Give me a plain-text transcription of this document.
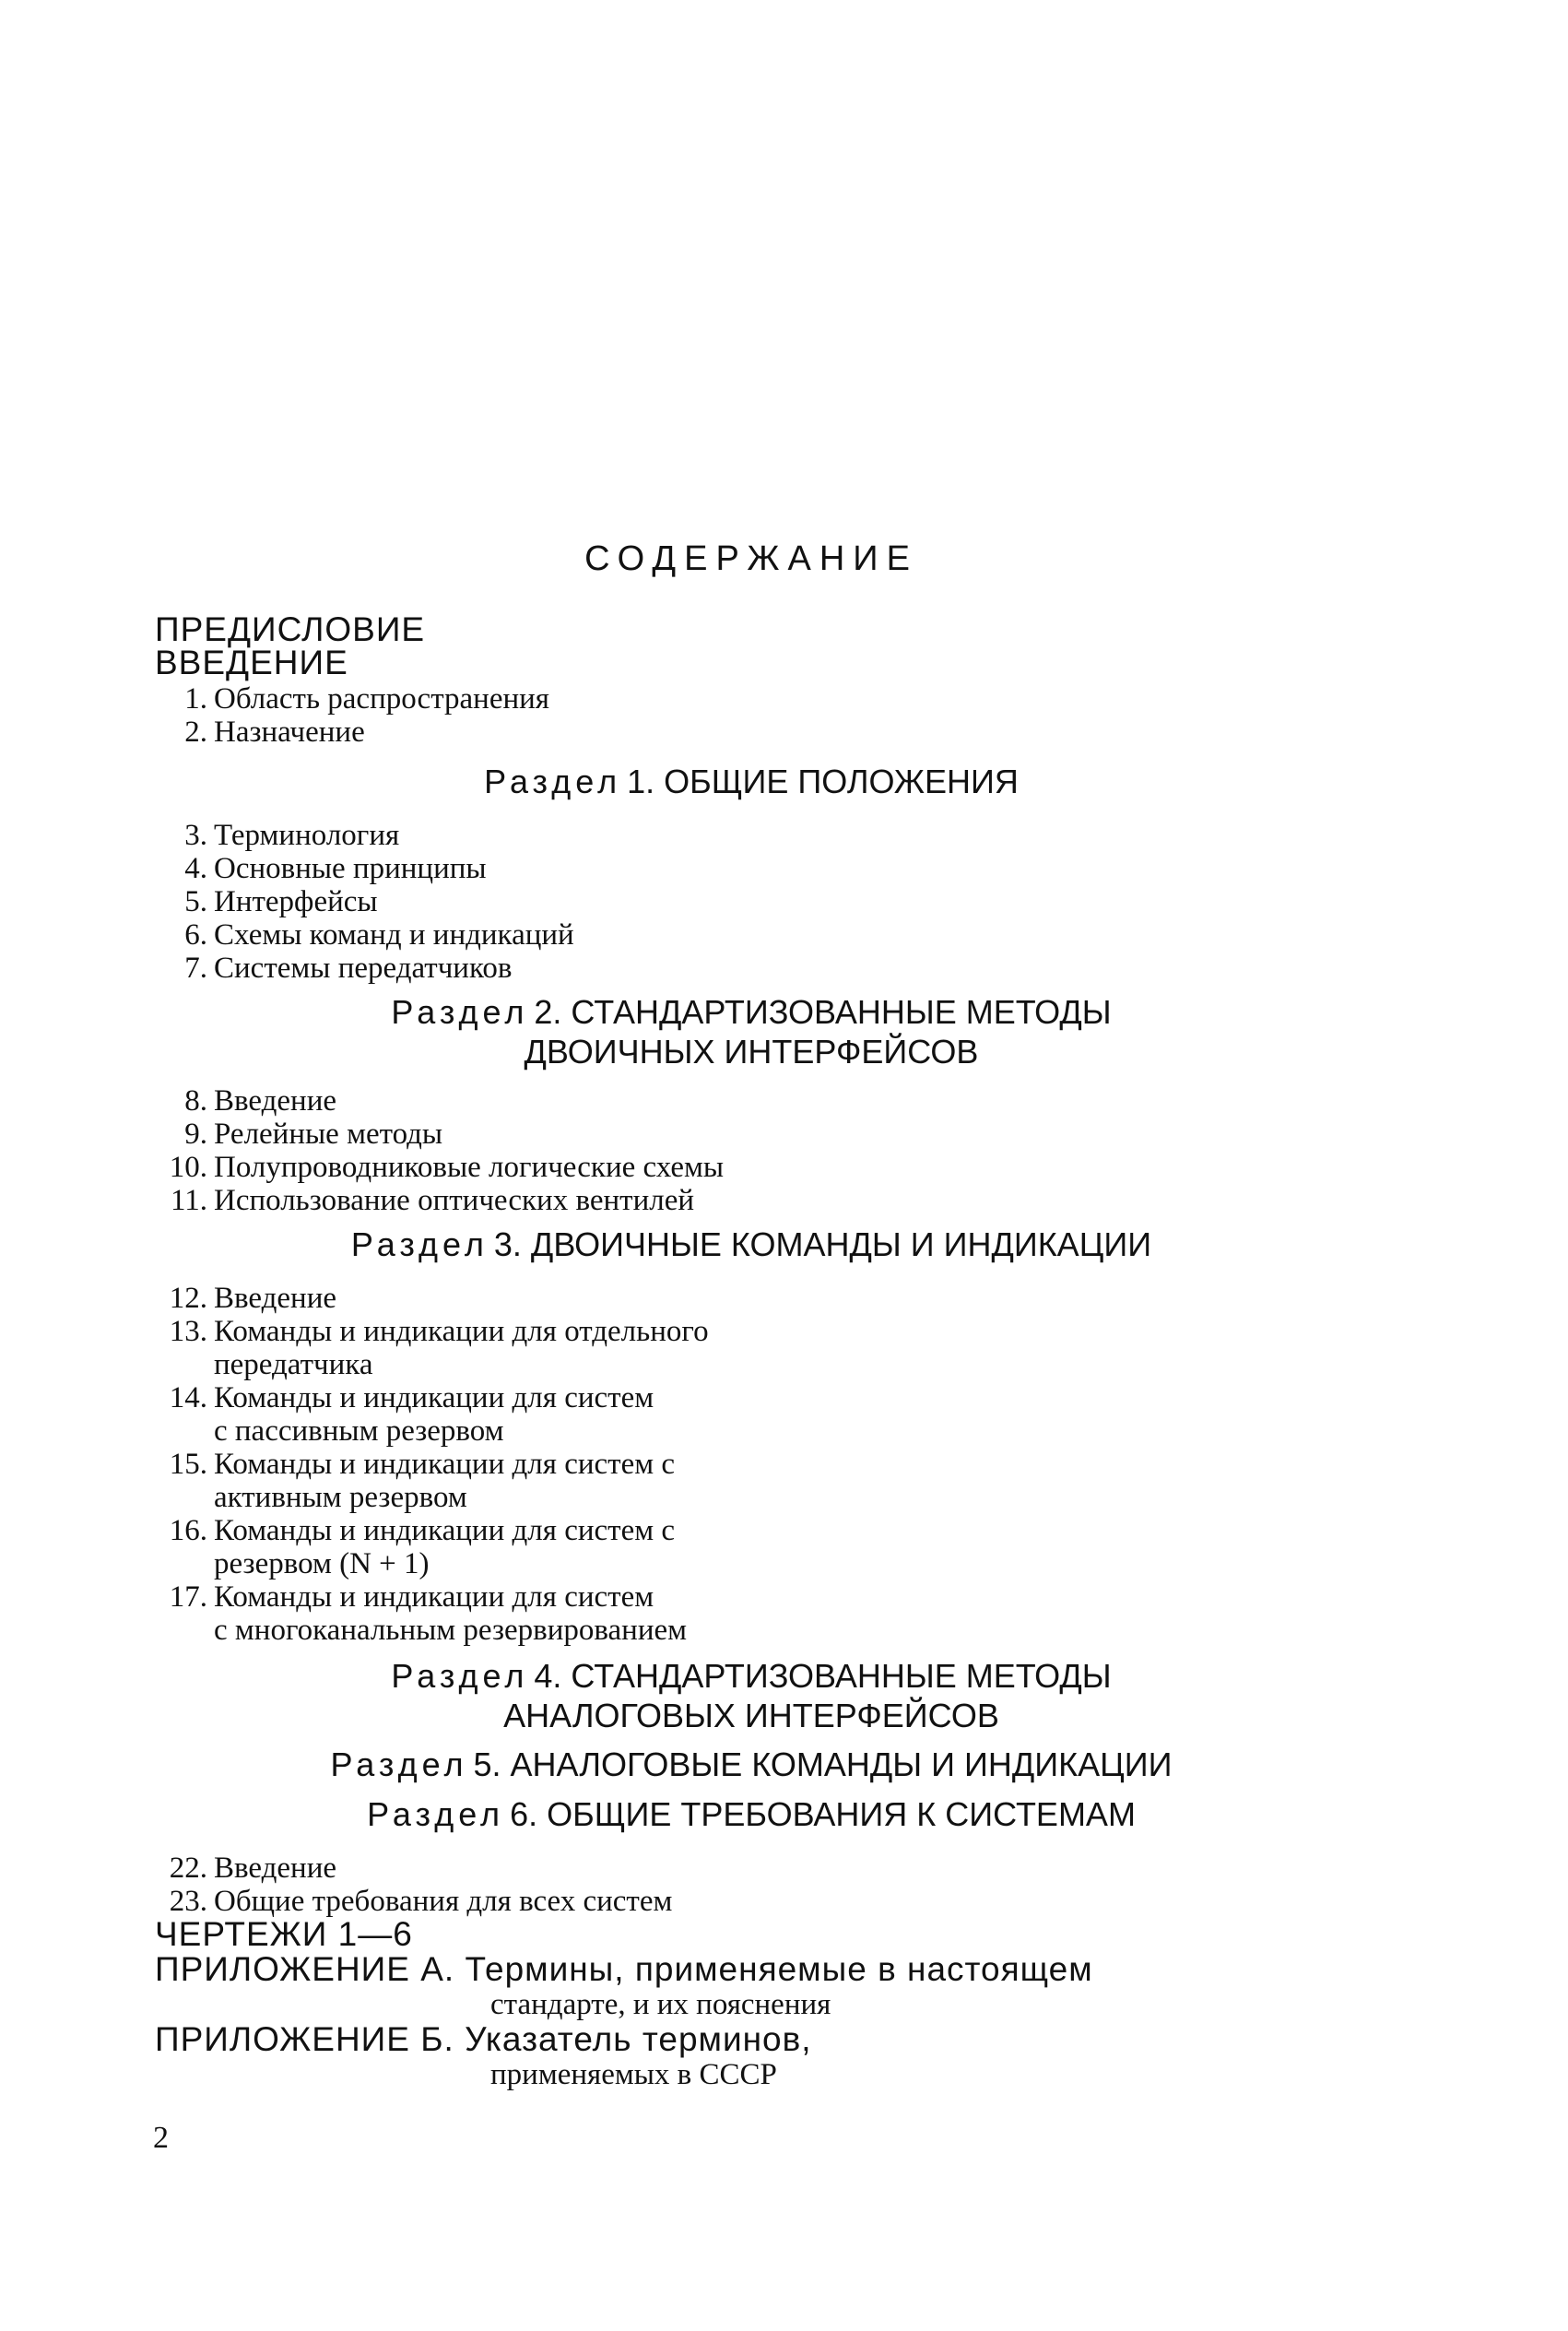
СОДЕРЖАНИЕ
ПРЕДИСЛОВИЕ
ВВЕДЕНИЕ
1. Область распространения
2. Назначение
Раздел 1. ОБЩИЕ ПОЛОЖЕНИЯ
3. Терминология
4. Основные принципы
5. Интерфейсы
6. Схемы команд и индикаций
7. Системы передатчиков
Раздел 2. СТАНДАРТИЗОВАННЫЕ МЕТОДЫ
ДВОИЧНЫХ ИНТЕРФЕЙСОВ
8. Введение
9. Релейные методы
10. Полупроводниковые логические схемы
11. Использование оптических вентилей
Раздел 3. ДВОИЧНЫЕ КОМАНДЫ И ИНДИКАЦИИ
12. Введение
13. Команды и индикации для отдельного
передатчика
14. Команды и индикации для систем
с пассивным резервом
15. Команды и индикации для систем с
активным резервом
16. Команды и индикации для систем с
резервом (N + 1)
17. Команды и индикации для систем
с многоканальным резервированием
Раздел 4. СТАНДАРТИЗОВАННЫЕ МЕТОДЫ
АНАЛОГОВЫХ ИНТЕРФЕЙСОВ
Раздел 5. АНАЛОГОВЫЕ КОМАНДЫ И ИНДИКАЦИИ
Раздел 6. ОБЩИЕ ТРЕБОВАНИЯ К СИСТЕМАМ
22. Введение
23. Общие требования для всех систем
ЧЕРТЕЖИ 1—6
ПРИЛОЖЕНИЕ А. Термины, применяемые в настоящем
стандарте, и их пояснения
ПРИЛОЖЕНИЕ Б. Указатель терминов,
применяемых в СССР
2
